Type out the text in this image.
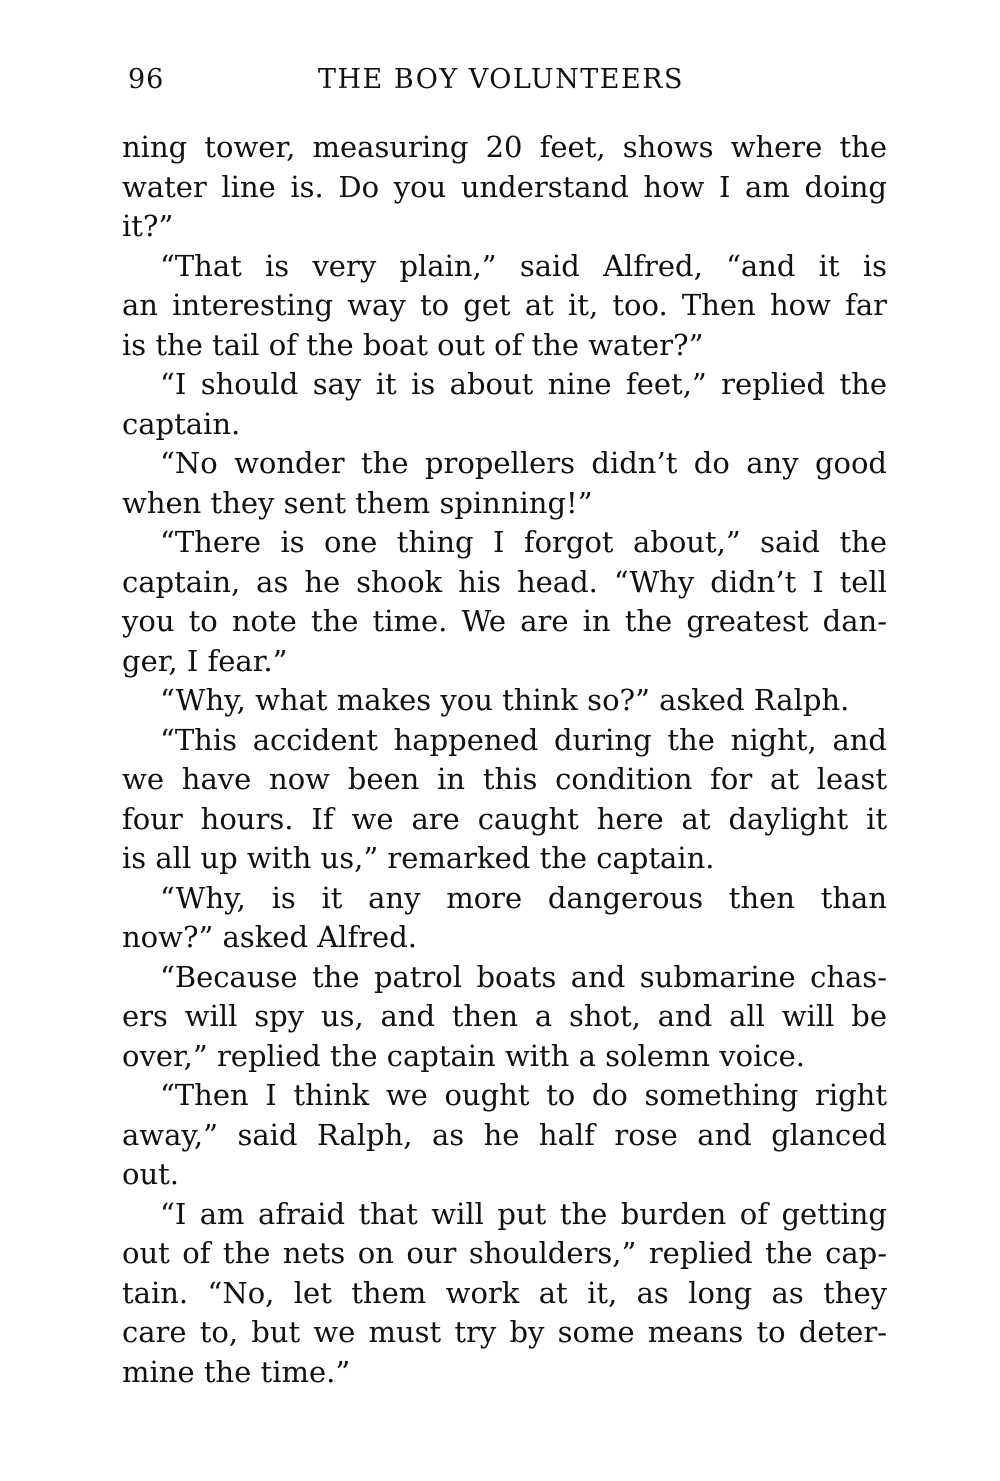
96	THE BOY VOLUNTEERS
ning tower, measuring 20 feet, shows where the
water line is. Do you understand how I am doing
it?”
“That is very plain,” said Alfred, “and it is
an interesting way to get at it, too. Then how far
is the tail of the boat out of the water?”
“I should say it is about nine feet,” replied the
captain.
“No wonder the propellers didn’t do any good
when they sent them spinning!”
“There is one thing I forgot about,” said the
captain, as he shook his head. “Why didn’t I tell
you to note the time. We are in the greatest dan-
ger, I fear.”
“Why, what makes you think so?” asked Ralph.
“This accident happened during the night, and
we have now been in this condition for at least
four hours. If we are caught here at daylight it
is all up with us,” remarked the captain.
“Why, is it any more dangerous then than
now?” asked Alfred.
“Because the patrol boats and submarine chas-
ers will spy us, and then a shot, and all will be
over,” replied the captain with a solemn voice.
“Then I think we ought to do something right
away,” said Ralph, as he half rose and glanced
out.
“I am afraid that will put the burden of getting
out of the nets on our shoulders,” replied the cap-
tain. “No, let them work at it, as long as they
care to, but we must try by some means to deter-
mine the time.”
